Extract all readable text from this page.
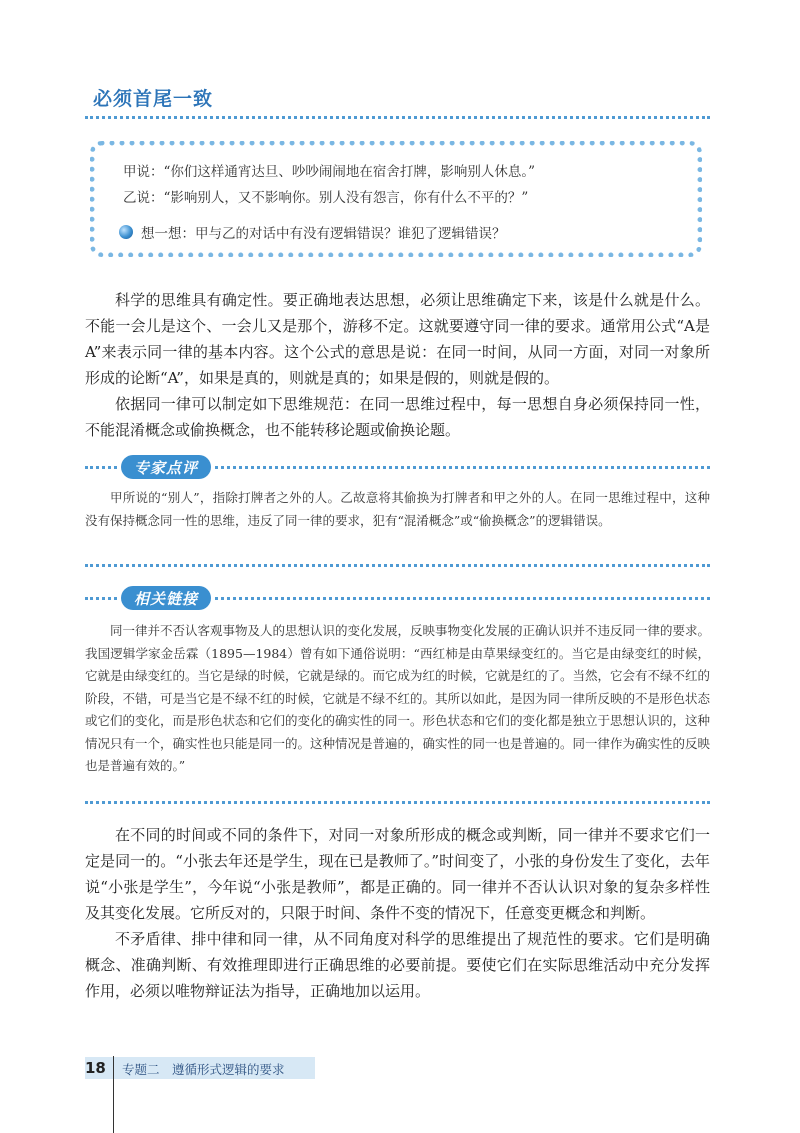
必须首尾一致
甲说：“你们这样通宵达旦、吵吵闹闹地在宿舍打牌，影响别人休息。”
乙说：“影响别人，又不影响你。别人没有怨言，你有什么不平的？”
想一想：甲与乙的对话中有没有逻辑错误？谁犯了逻辑错误？

科学的思维具有确定性。要正确地表达思想，必须让思维确定下来，该是什么就是什么。不能一会儿是这个、一会儿又是那个，游移不定。这就要遵守同一律的要求。通常用公式“A是A”来表示同一律的基本内容。这个公式的意思是说：在同一时间，从同一方面，对同一对象所形成的论断“A”，如果是真的，则就是真的；如果是假的，则就是假的。

依据同一律可以制定如下思维规范：在同一思维过程中，每一思想自身必须保持同一性，不能混淆概念或偷换概念，也不能转移论题或偷换论题。

专家点评

甲所说的“别人”，指除打牌者之外的人。乙故意将其偷换为打牌者和甲之外的人。在同一思维过程中，这种没有保持概念同一性的思维，违反了同一律的要求，犯有“混淆概念”或“偷换概念”的逻辑错误。

相关链接

同一律并不否认客观事物及人的思想认识的变化发展，反映事物变化发展的正确认识并不违反同一律的要求。我国逻辑学家金岳霖（1895—1984）曾有如下通俗说明：“西红柿是由草果绿变红的。当它是由绿变红的时候，它就是由绿变红的。当它是绿的时候，它就是绿的。而它成为红的时候，它就是红的了。当然，它会有不绿不红的阶段，不错，可是当它是不绿不红的时候，它就是不绿不红的。其所以如此，是因为同一律所反映的不是形色状态或它们的变化，而是形色状态和它们的变化的确实性的同一。形色状态和它们的变化都是独立于思想认识的，这种情况只有一个，确实性也只能是同一的。这种情况是普遍的，确实性的同一也是普遍的。同一律作为确实性的反映也是普遍有效的。”

在不同的时间或不同的条件下，对同一对象所形成的概念或判断，同一律并不要求它们一定是同一的。“小张去年还是学生，现在已是教师了。”时间变了，小张的身份发生了变化，去年说“小张是学生”，今年说“小张是教师”，都是正确的。同一律并不否认认识对象的复杂多样性及其变化发展。它所反对的，只限于时间、条件不变的情况下，任意变更概念和判断。

不矛盾律、排中律和同一律，从不同角度对科学的思维提出了规范性的要求。它们是明确概念、准确判断、有效推理即进行正确思维的必要前提。要使它们在实际思维活动中充分发挥作用，必须以唯物辩证法为指导，正确地加以运用。

18 专题二　遵循形式逻辑的要求
